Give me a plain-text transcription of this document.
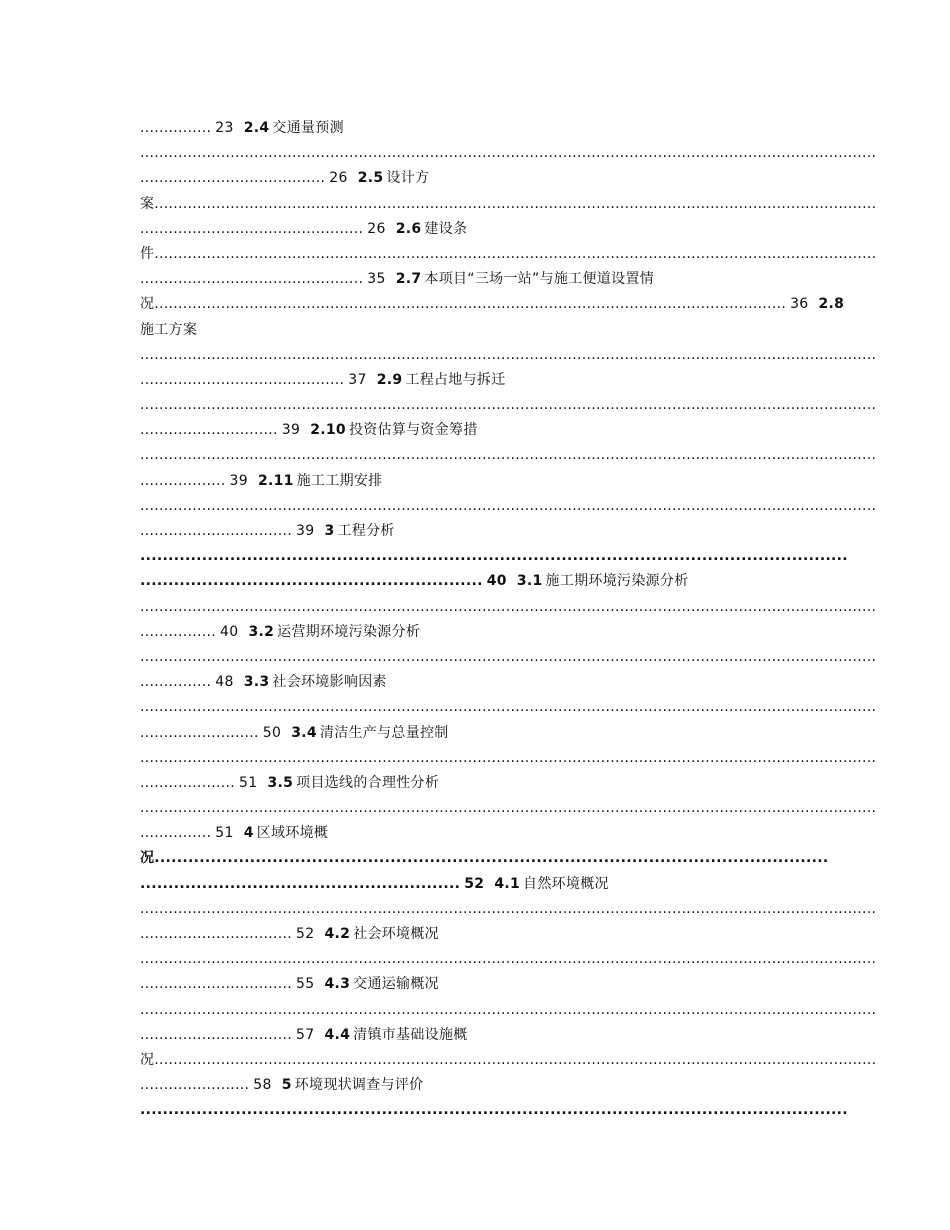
............... 23 2.4 交通量预测
...........................................................................................................................................................
....................................... 26 2.5 设计方
案........................................................................................................................................................
............................................... 26 2.6 建设条
件........................................................................................................................................................
............................................... 35 2.7 本项目“三场一站”与施工便道设置情
况..................................................................................................................................... 36 2.8
施工方案
...........................................................................................................................................................
........................................... 37 2.9 工程占地与拆迁
...........................................................................................................................................................
............................. 39 2.10 投资估算与资金筹措
...........................................................................................................................................................
.................. 39 2.11 施工工期安排
...........................................................................................................................................................
................................ 39 3 工程分析
..............................................................................................................................
............................................................. 40 3.1 施工期环境污染源分析
...........................................................................................................................................................
................ 40 3.2 运营期环境污染源分析
...........................................................................................................................................................
............... 48 3.3 社会环境影响因素
...........................................................................................................................................................
......................... 50 3.4 清洁生产与总量控制
...........................................................................................................................................................
.................... 51 3.5 项目选线的合理性分析
...........................................................................................................................................................
............... 51 4 区域环境概
况........................................................................................................................
......................................................... 52 4.1 自然环境概况
...........................................................................................................................................................
................................ 52 4.2 社会环境概况
...........................................................................................................................................................
................................ 55 4.3 交通运输概况
...........................................................................................................................................................
................................ 57 4.4 清镇市基础设施概
况........................................................................................................................................................
....................... 58 5 环境现状调查与评价
..............................................................................................................................
